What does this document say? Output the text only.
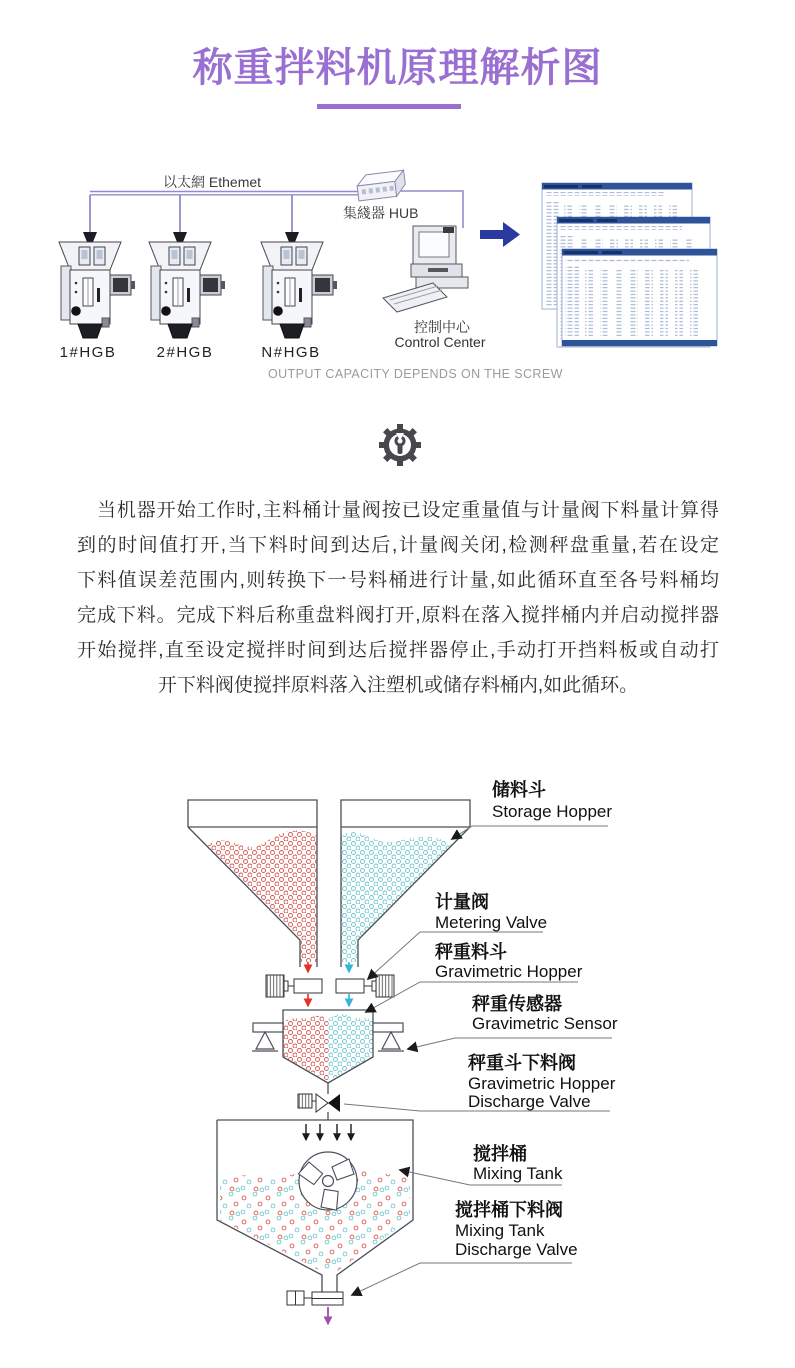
称重拌料机原理解析图
以太網 Ethemet
集綫器 HUB
1#HGB	2#HGB	N#HGB
控制中心
Control Center
OUTPUT CAPACITY DEPENDS ON THE SCREW
当机器开始工作时,主料桶计量阀按已设定重量值与计量阀下料量计算得
到的时间值打开,当下料时间到达后,计量阀关闭,检测秤盘重量,若在设定
下料值误差范围内,则转换下一号料桶进行计量,如此循环直至各号料桶均
完成下料。完成下料后称重盘料阀打开,原料在落入搅拌桶内并启动搅拌器
开始搅拌,直至设定搅拌时间到达后搅拌器停止,手动打开挡料板或自动打
开下料阀使搅拌原料落入注塑机或储存料桶内,如此循环。
储料斗
Storage Hopper
计量阀
Metering Valve
秤重料斗
Gravimetric Hopper
秤重传感器
Gravimetric Sensor
秤重斗下料阀
Gravimetric Hopper
Discharge Valve
搅拌桶
Mixing Tank
搅拌桶下料阀
Mixing Tank
Discharge Valve
